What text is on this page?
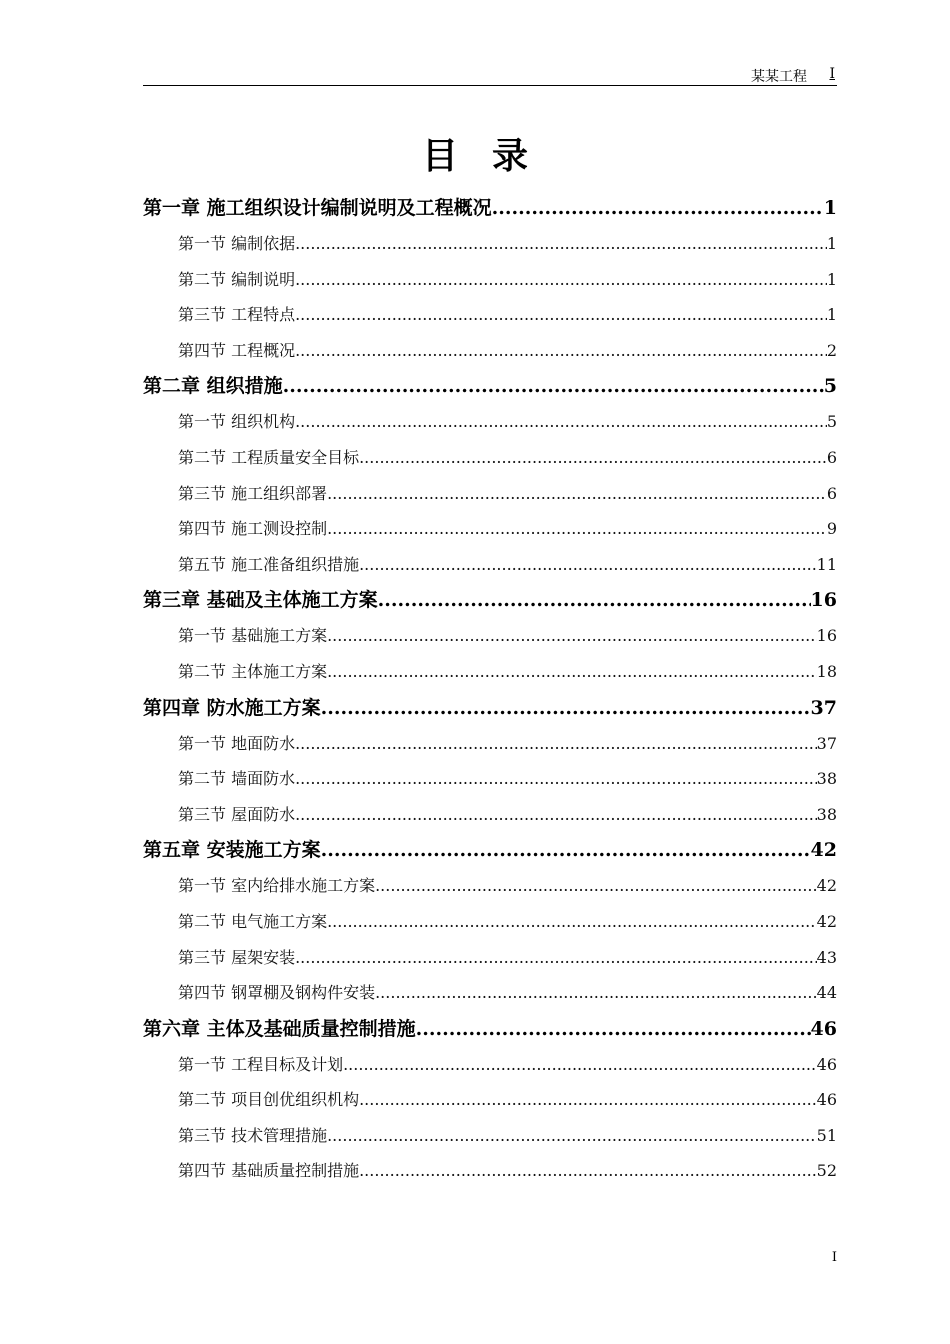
某某工程 I
目录
第一章 施工组织设计编制说明及工程概况 .....	1
第一节 编制依据 .....	1
第二节 编制说明 .....	1
第三节 工程特点 .....	1
第四节 工程概况 .....	2
第二章 组织措施 .....	5
第一节 组织机构 .....	5
第二节 工程质量安全目标 .....	6
第三节 施工组织部署 .....	6
第四节 施工测设控制 .....	9
第五节 施工准备组织措施 .....	11
第三章 基础及主体施工方案 .....	16
第一节 基础施工方案 .....	16
第二节 主体施工方案 .....	18
第四章 防水施工方案 .....	37
第一节 地面防水 .....	37
第二节 墙面防水 .....	38
第三节 屋面防水 .....	38
第五章 安装施工方案 .....	42
第一节 室内给排水施工方案 .....	42
第二节 电气施工方案 .....	42
第三节 屋架安装 .....	43
第四节 钢罩棚及钢构件安装 .....	44
第六章 主体及基础质量控制措施 .....	46
第一节 工程目标及计划 .....	46
第二节 项目创优组织机构 .....	46
第三节 技术管理措施 .....	51
第四节 基础质量控制措施 .....	52
I
